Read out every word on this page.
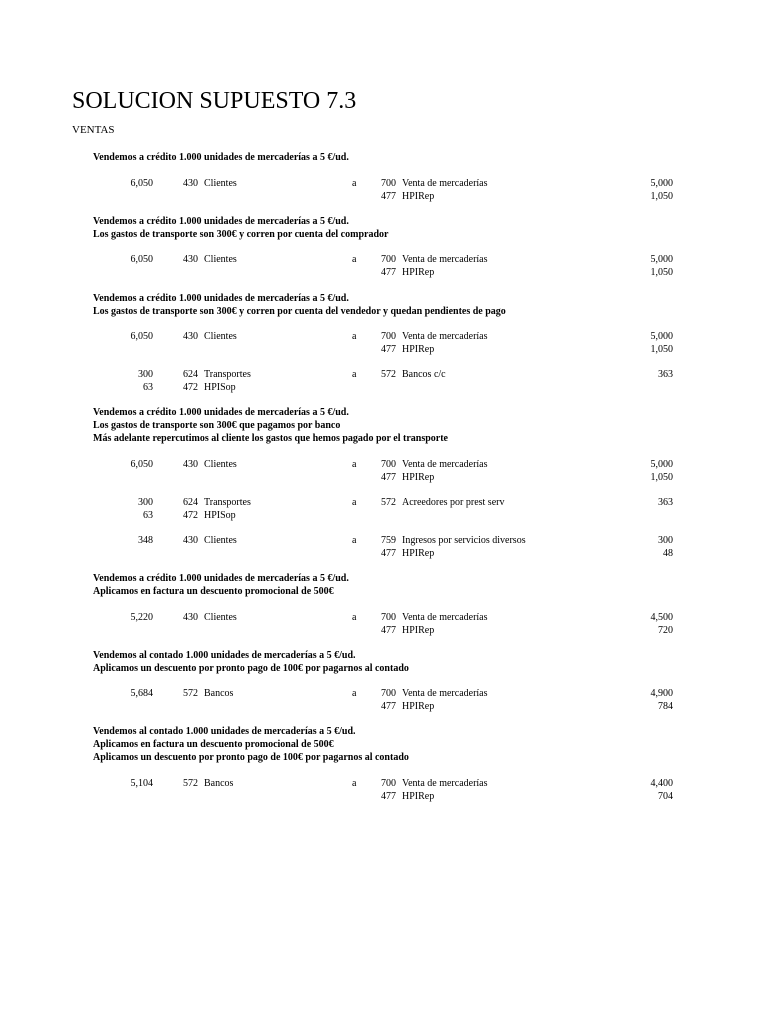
SOLUCION SUPUESTO 7.3
VENTAS
Vendemos a crédito 1.000 unidades de mercaderías a 5 €/ud.
6,050	430 Clientes	a 700 Venta de mercaderías	5,000
477 HPIRep	1,050
Vendemos a crédito 1.000 unidades de mercaderías a 5 €/ud.
Los gastos de transporte son 300€ y corren por cuenta del comprador
6,050	430 Clientes	a 700 Venta de mercaderías	5,000
477 HPIRep	1,050
Vendemos a crédito 1.000 unidades de mercaderías a 5 €/ud.
Los gastos de transporte son 300€ y corren por cuenta del vendedor y quedan pendientes de pago
6,050	430 Clientes	a 700 Venta de mercaderías	5,000
477 HPIRep	1,050
300	624 Transportes	a 572 Bancos c/c	363
63	472 HPISop
Vendemos a crédito 1.000 unidades de mercaderías a 5 €/ud.
Los gastos de transporte son 300€ que pagamos por banco
Más adelante repercutimos al cliente los gastos que hemos pagado por el transporte
6,050	430 Clientes	a 700 Venta de mercaderías	5,000
477 HPIRep	1,050
300	624 Transportes	a 572 Acreedores por prest serv	363
63	472 HPISop
348	430 Clientes	a 759 Ingresos por servicios diversos	300
477 HPIRep	48
Vendemos a crédito 1.000 unidades de mercaderías a 5 €/ud.
Aplicamos en factura un descuento promocional de 500€
5,220	430 Clientes	a 700 Venta de mercaderías	4,500
477 HPIRep	720
Vendemos al contado 1.000 unidades de mercaderías a 5 €/ud.
Aplicamos un descuento por pronto pago de 100€ por pagarnos al contado
5,684	572 Bancos	a 700 Venta de mercaderías	4,900
477 HPIRep	784
Vendemos al contado 1.000 unidades de mercaderías a 5 €/ud.
Aplicamos en factura un descuento promocional de 500€
Aplicamos un descuento por pronto pago de 100€ por pagarnos al contado
5,104	572 Bancos	a 700 Venta de mercaderías	4,400
477 HPIRep	704
